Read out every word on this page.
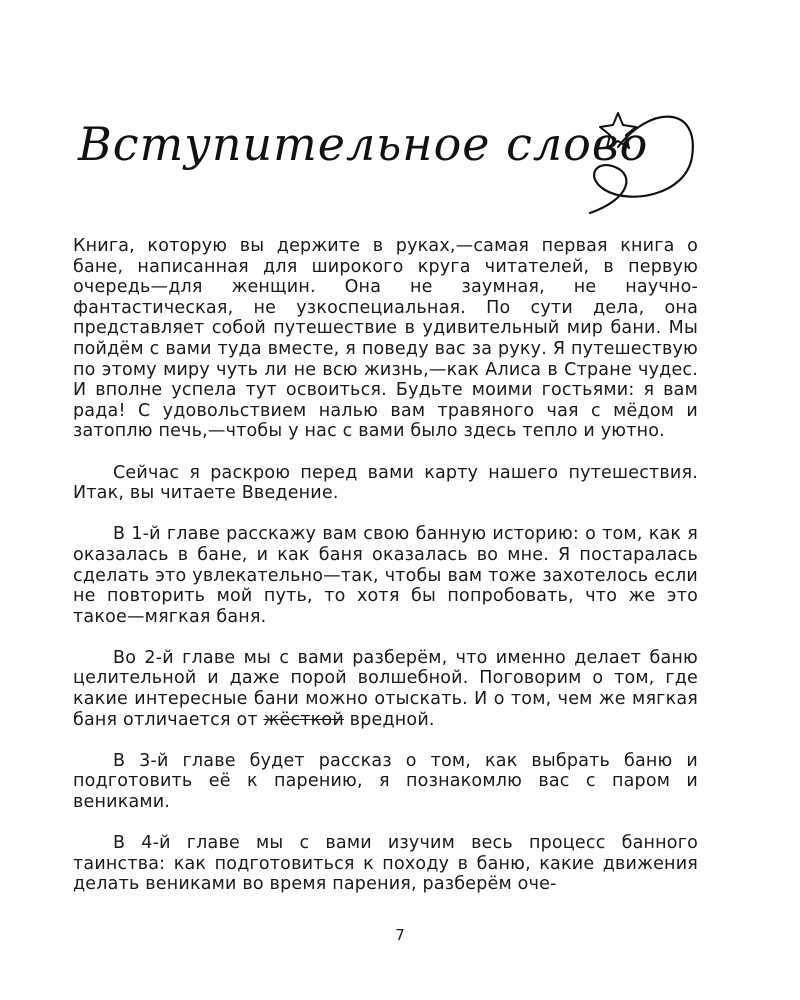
Вступительное слово

Книга, которую вы держите в руках,—самая первая книга о бане, написанная для широкого круга читателей, в первую очередь—для женщин. Она не заумная, не научно-фантастическая, не узкоспециальная. По сути дела, она представляет собой путешествие в удивительный мир бани. Мы пойдём с вами туда вместе, я поведу вас за руку. Я путешествую по этому миру чуть ли не всю жизнь,—как Алиса в Стране чудес. И вполне успела тут освоиться. Будьте моими гостьями: я вам рада! С удовольствием налью вам травяного чая с мёдом и затоплю печь,—чтобы у нас с вами было здесь тепло и уютно.

Сейчас я раскрою перед вами карту нашего путешествия. Итак, вы читаете Введение.

В 1-й главе расскажу вам свою банную историю: о том, как я оказалась в бане, и как баня оказалась во мне. Я постаралась сделать это увлекательно—так, чтобы вам тоже захотелось если не повторить мой путь, то хотя бы попробовать, что же это такое—мягкая баня.

Во 2-й главе мы с вами разберём, что именно делает баню целительной и даже порой волшебной. Поговорим о том, где какие интересные бани можно отыскать. И о том, чем же мягкая баня отличается от жёсткой вредной.

В 3-й главе будет рассказ о том, как выбрать баню и подготовить её к парению, я познакомлю вас с паром и вениками.

В 4-й главе мы с вами изучим весь процесс банного таинства: как подготовиться к походу в баню, какие движения делать вениками во время парения, разберём оче-

7
